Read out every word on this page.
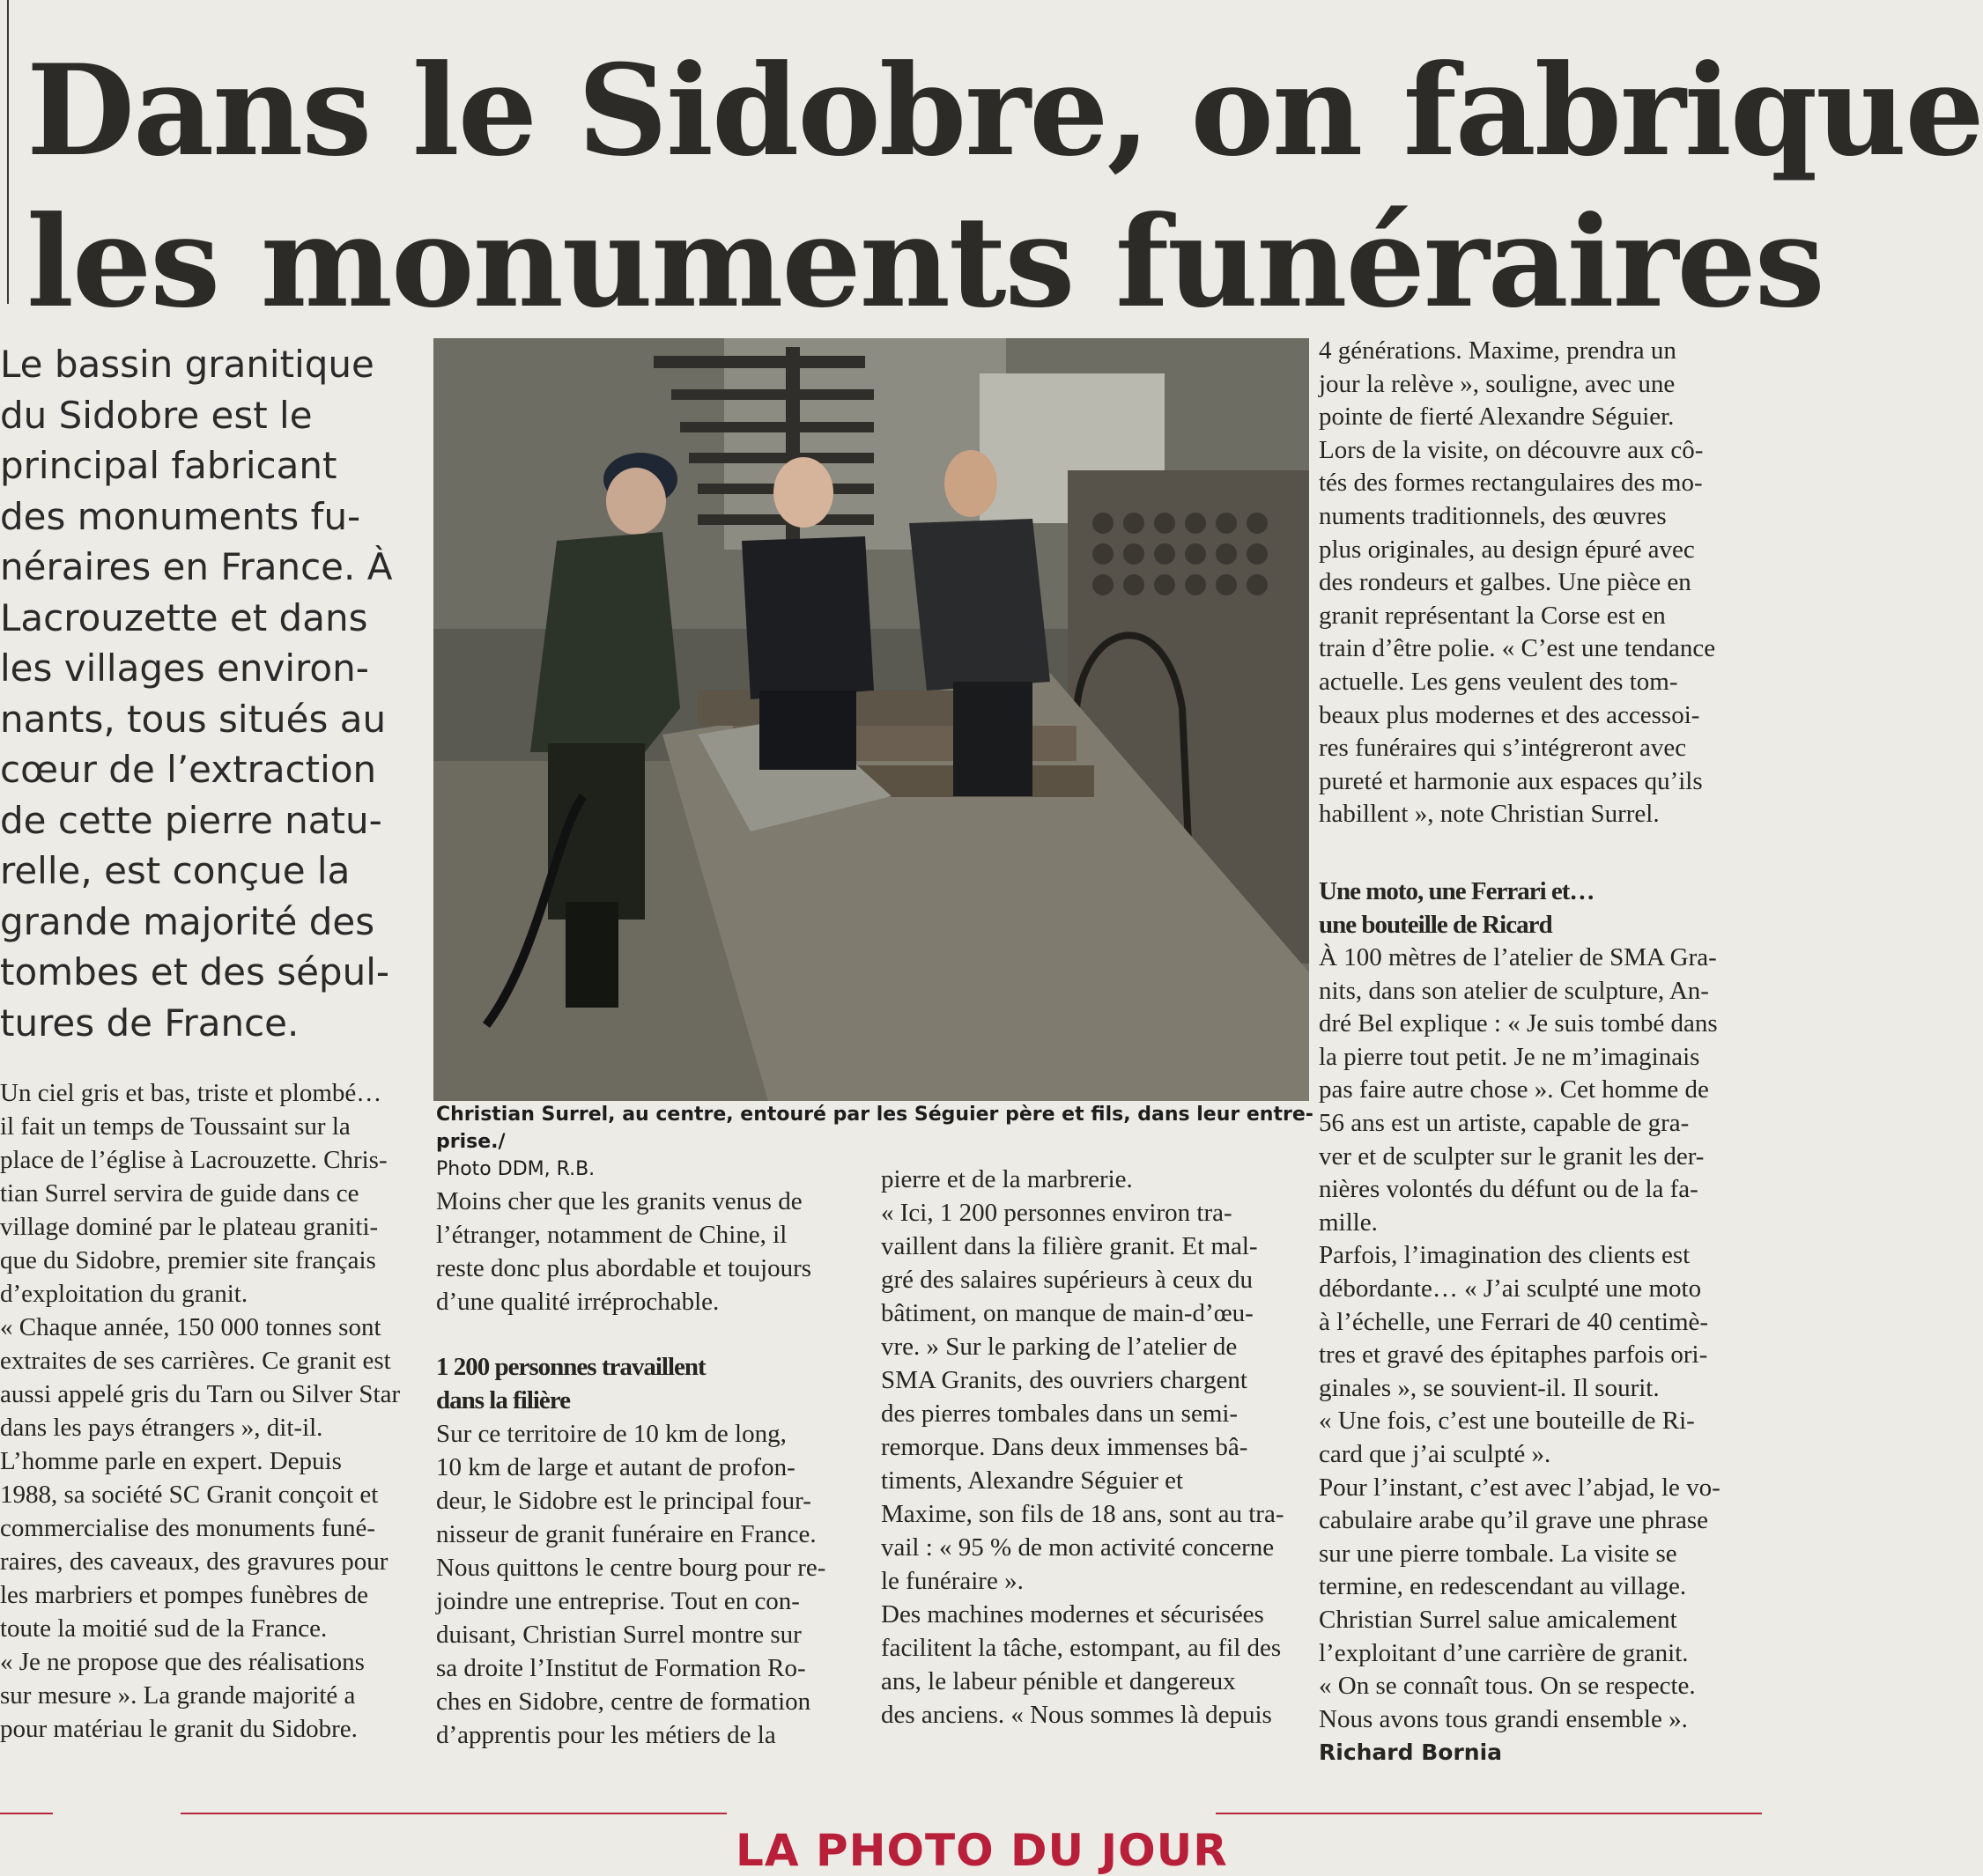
Dans le Sidobre, on fabrique
les monuments funéraires
Le bassin granitique
du Sidobre est le
principal fabricant
des monuments fu-
néraires en France. À
Lacrouzette et dans
les villages environ-
nants, tous situés au
cœur de l’extraction
de cette pierre natu-
relle, est conçue la
grande majorité des
tombes et des sépul-
tures de France.
Christian Surrel, au centre, entouré par les Séguier père et fils, dans leur entre-
prise./
Photo DDM, R.B.
Un ciel gris et bas, triste et plombé…
il fait un temps de Toussaint sur la
place de l’église à Lacrouzette. Chris-
tian Surrel servira de guide dans ce
village dominé par le plateau graniti-
que du Sidobre, premier site français
d’exploitation du granit.
« Chaque année, 150 000 tonnes sont
extraites de ses carrières. Ce granit est
aussi appelé gris du Tarn ou Silver Star
dans les pays étrangers », dit-il.
L’homme parle en expert. Depuis
1988, sa société SC Granit conçoit et
commercialise des monuments funé-
raires, des caveaux, des gravures pour
les marbriers et pompes funèbres de
toute la moitié sud de la France.
« Je ne propose que des réalisations
sur mesure ». La grande majorité a
pour matériau le granit du Sidobre.
Moins cher que les granits venus de
l’étranger, notamment de Chine, il
reste donc plus abordable et toujours
d’une qualité irréprochable.
1 200 personnes travaillent
dans la filière
Sur ce territoire de 10 km de long,
10 km de large et autant de profon-
deur, le Sidobre est le principal four-
nisseur de granit funéraire en France.
Nous quittons le centre bourg pour re-
joindre une entreprise. Tout en con-
duisant, Christian Surrel montre sur
sa droite l’Institut de Formation Ro-
ches en Sidobre, centre de formation
d’apprentis pour les métiers de la
pierre et de la marbrerie.
« Ici, 1 200 personnes environ tra-
vaillent dans la filière granit. Et mal-
gré des salaires supérieurs à ceux du
bâtiment, on manque de main-d’œu-
vre. » Sur le parking de l’atelier de
SMA Granits, des ouvriers chargent
des pierres tombales dans un semi-
remorque. Dans deux immenses bâ-
timents, Alexandre Séguier et
Maxime, son fils de 18 ans, sont au tra-
vail : « 95 % de mon activité concerne
le funéraire ».
Des machines modernes et sécurisées
facilitent la tâche, estompant, au fil des
ans, le labeur pénible et dangereux
des anciens. « Nous sommes là depuis
4 générations. Maxime, prendra un
jour la relève », souligne, avec une
pointe de fierté Alexandre Séguier.
Lors de la visite, on découvre aux cô-
tés des formes rectangulaires des mo-
numents traditionnels, des œuvres
plus originales, au design épuré avec
des rondeurs et galbes. Une pièce en
granit représentant la Corse est en
train d’être polie. « C’est une tendance
actuelle. Les gens veulent des tom-
beaux plus modernes et des accessoi-
res funéraires qui s’intégreront avec
pureté et harmonie aux espaces qu’ils
habillent », note Christian Surrel.
Une moto, une Ferrari et…
une bouteille de Ricard
À 100 mètres de l’atelier de SMA Gra-
nits, dans son atelier de sculpture, An-
dré Bel explique : « Je suis tombé dans
la pierre tout petit. Je ne m’imaginais
pas faire autre chose ». Cet homme de
56 ans est un artiste, capable de gra-
ver et de sculpter sur le granit les der-
nières volontés du défunt ou de la fa-
mille.
Parfois, l’imagination des clients est
débordante… « J’ai sculpté une moto
à l’échelle, une Ferrari de 40 centimè-
tres et gravé des épitaphes parfois ori-
ginales », se souvient-il. Il sourit.
« Une fois, c’est une bouteille de Ri-
card que j’ai sculpté ».
Pour l’instant, c’est avec l’abjad, le vo-
cabulaire arabe qu’il grave une phrase
sur une pierre tombale. La visite se
termine, en redescendant au village.
Christian Surrel salue amicalement
l’exploitant d’une carrière de granit.
« On se connaît tous. On se respecte.
Nous avons tous grandi ensemble ».
Richard Bornia
LA PHOTO DU JOUR
